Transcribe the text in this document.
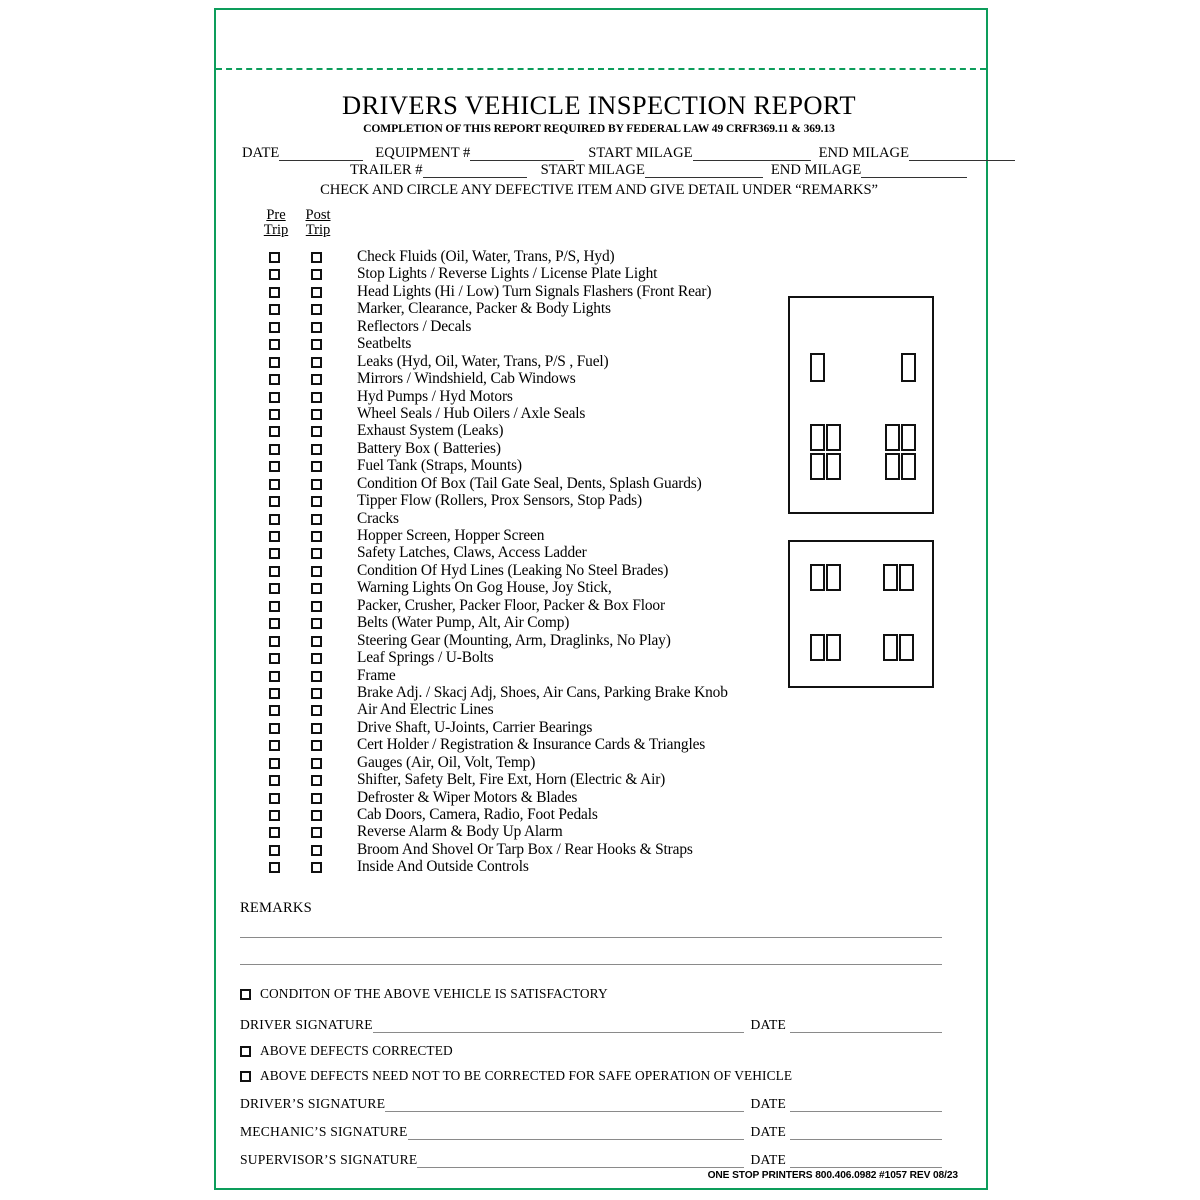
DRIVERS VEHICLE INSPECTION REPORT
COMPLETION OF THIS REPORT REQUIRED BY FEDERAL LAW 49 CRFR369.11 & 369.13
DATE	EQUIPMENT #	START MILAGE	END MILAGE
TRAILER #	START MILAGE	END MILAGE
CHECK AND CIRCLE ANY DEFECTIVE ITEM AND GIVE DETAIL UNDER “REMARKS”
Pre
Trip
Post
Trip
Check Fluids (Oil, Water, Trans, P/S, Hyd)
Stop Lights / Reverse Lights / License Plate Light
Head Lights (Hi / Low) Turn Signals Flashers (Front Rear)
Marker, Clearance, Packer & Body Lights
Reflectors / Decals
Seatbelts
Leaks (Hyd, Oil, Water, Trans, P/S , Fuel)
Mirrors / Windshield, Cab Windows
Hyd Pumps / Hyd Motors
Wheel Seals / Hub Oilers / Axle Seals
Exhaust System (Leaks)
Battery Box ( Batteries)
Fuel Tank (Straps, Mounts)
Condition Of Box (Tail Gate Seal, Dents, Splash Guards)
Tipper Flow (Rollers, Prox Sensors, Stop Pads)
Cracks
Hopper Screen, Hopper Screen
Safety Latches, Claws, Access Ladder
Condition Of Hyd Lines (Leaking No Steel Brades)
Warning Lights On Gog House, Joy Stick,
Packer, Crusher, Packer Floor, Packer & Box Floor
Belts (Water Pump, Alt, Air Comp)
Steering Gear (Mounting, Arm, Draglinks, No Play)
Leaf Springs / U-Bolts
Frame
Brake Adj. / Skacj Adj, Shoes, Air Cans, Parking Brake Knob
Air And Electric Lines
Drive Shaft, U-Joints, Carrier Bearings
Cert Holder / Registration & Insurance Cards & Triangles
Gauges (Air, Oil, Volt, Temp)
Shifter, Safety Belt, Fire Ext, Horn (Electric & Air)
Defroster & Wiper Motors & Blades
Cab Doors, Camera, Radio, Foot Pedals
Reverse Alarm & Body Up Alarm
Broom And Shovel Or Tarp Box / Rear Hooks & Straps
Inside And Outside Controls
REMARKS
CONDITON OF THE ABOVE VEHICLE IS SATISFACTORY
DRIVER SIGNATURE	DATE
ABOVE DEFECTS CORRECTED
ABOVE DEFECTS NEED NOT TO BE CORRECTED FOR SAFE OPERATION OF VEHICLE
DRIVER’S SIGNATURE	DATE
MECHANIC’S SIGNATURE	DATE
SUPERVISOR’S SIGNATURE	DATE
ONE STOP PRINTERS 800.406.0982 #1057 REV 08/23
